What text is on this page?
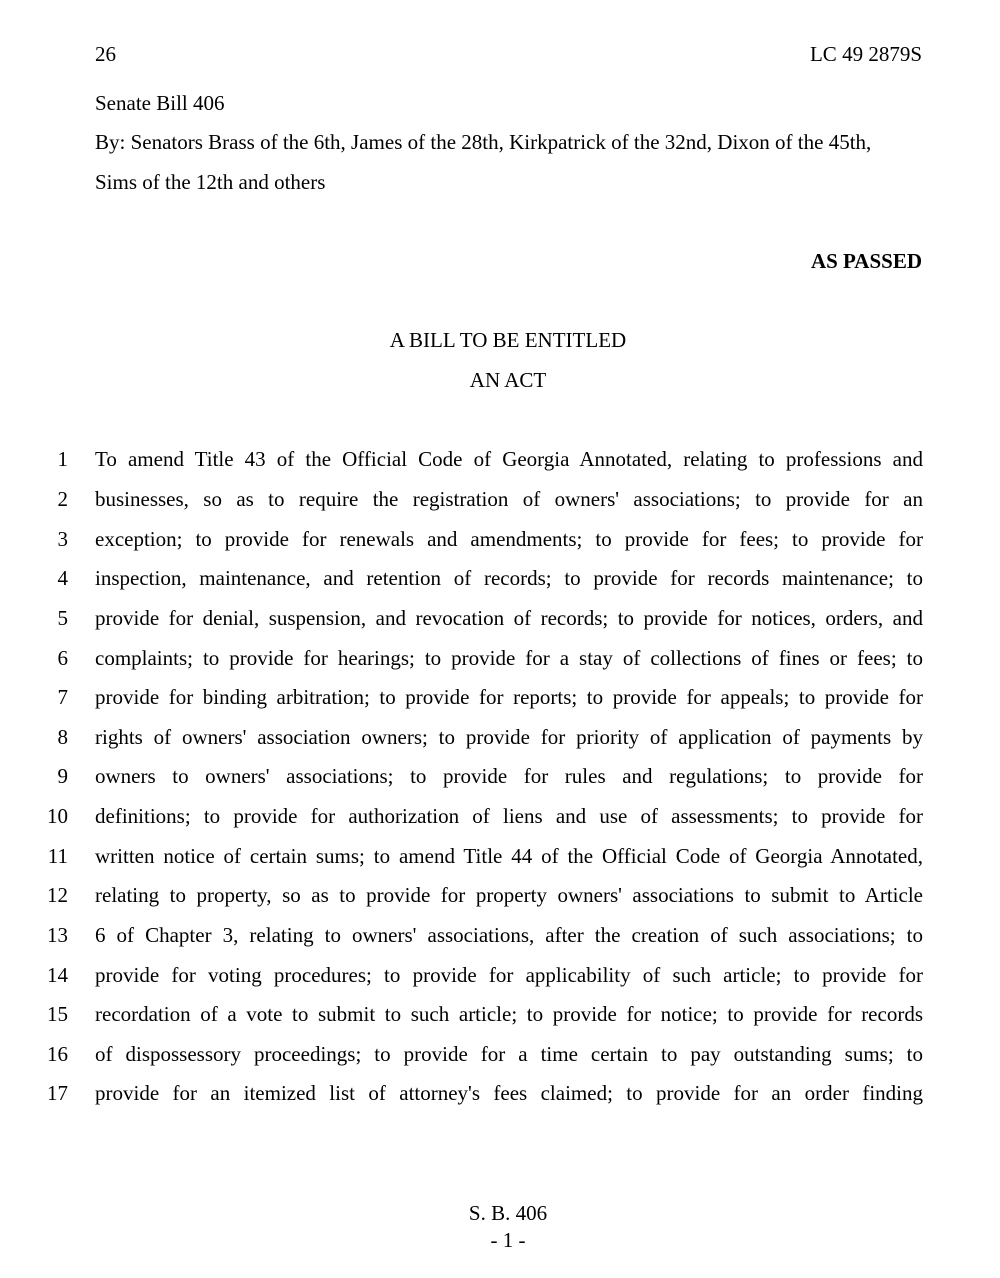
26	LC 49 2879S
Senate Bill 406
By: Senators Brass of the 6th, James of the 28th, Kirkpatrick of the 32nd, Dixon of the 45th,
Sims of the 12th and others
AS PASSED
A BILL TO BE ENTITLED
AN ACT
1 To amend Title 43 of the Official Code of Georgia Annotated, relating to professions and
2 businesses, so as to require the registration of owners' associations; to provide for an
3 exception; to provide for renewals and amendments; to provide for fees; to provide for
4 inspection, maintenance, and retention of records; to provide for records maintenance; to
5 provide for denial, suspension, and revocation of records; to provide for notices, orders, and
6 complaints; to provide for hearings; to provide for a stay of collections of fines or fees; to
7 provide for binding arbitration; to provide for reports; to provide for appeals; to provide for
8 rights of owners' association owners; to provide for priority of application of payments by
9 owners to owners' associations; to provide for rules and regulations; to provide for
10 definitions; to provide for authorization of liens and use of assessments; to provide for
11 written notice of certain sums; to amend Title 44 of the Official Code of Georgia Annotated,
12 relating to property, so as to provide for property owners' associations to submit to Article
13 6 of Chapter 3, relating to owners' associations, after the creation of such associations; to
14 provide for voting procedures; to provide for applicability of such article; to provide for
15 recordation of a vote to submit to such article; to provide for notice; to provide for records
16 of dispossessory proceedings; to provide for a time certain to pay outstanding sums; to
17 provide for an itemized list of attorney's fees claimed; to provide for an order finding
S. B. 406
- 1 -
